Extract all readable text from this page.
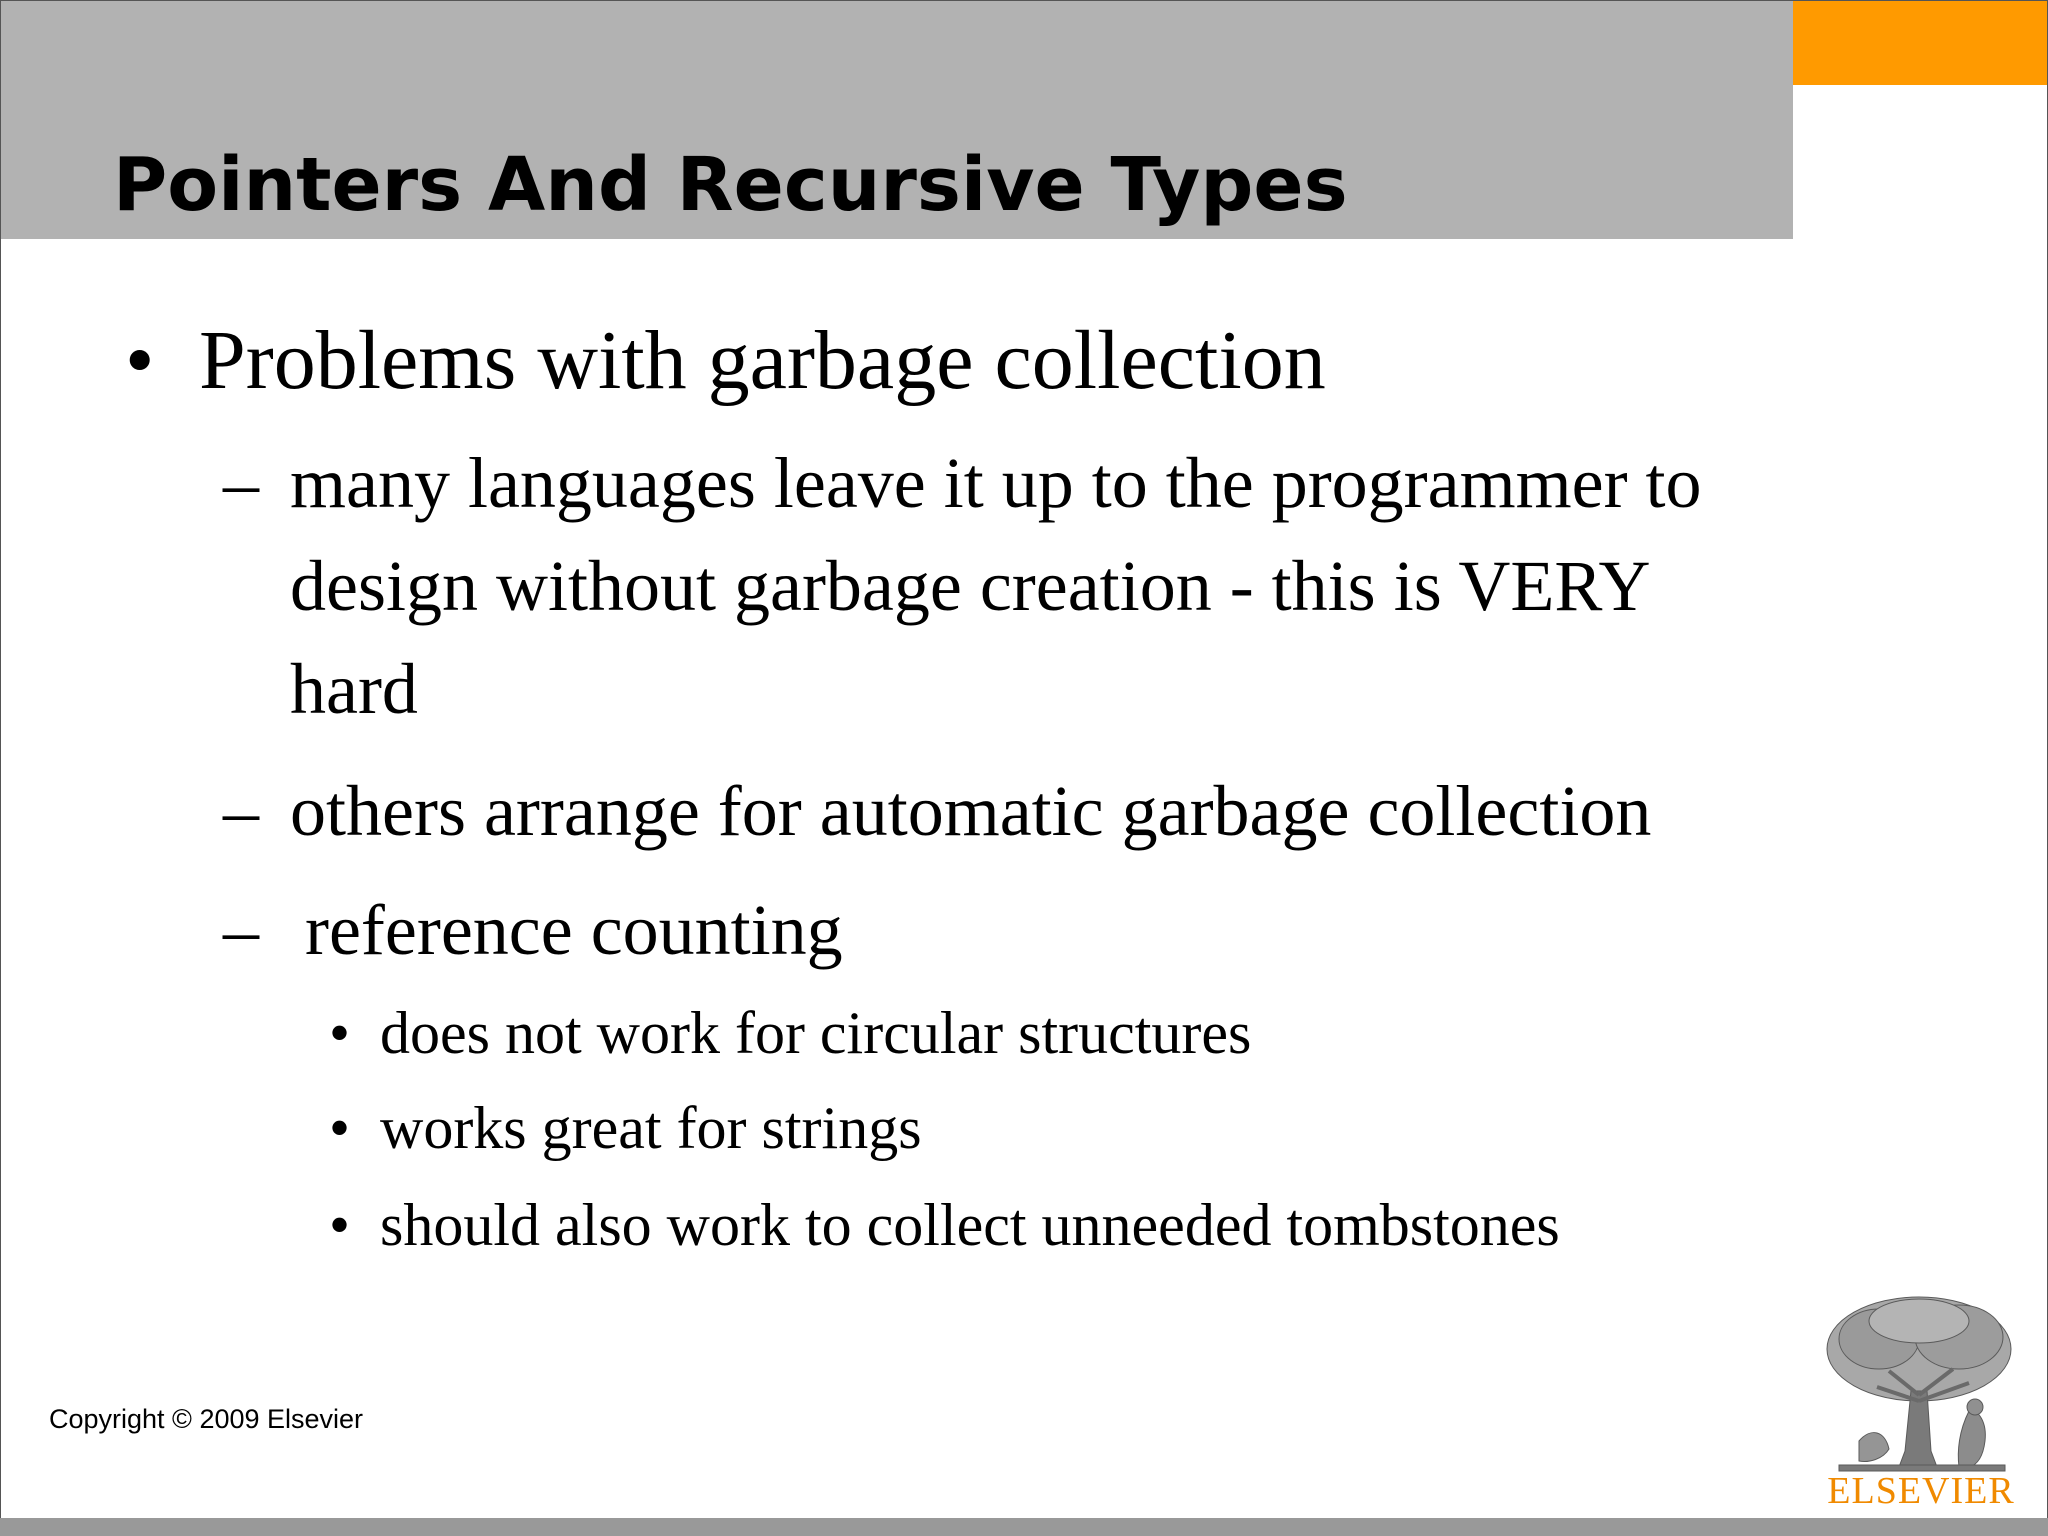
Pointers And Recursive Types
• Problems with garbage collection

– many languages leave it up to the programmer to

design without garbage creation - this is VERY

hard

– others arrange for automatic garbage collection

– reference counting

• does not work for circular structures

• works great for strings

• should also work to collect unneeded tombstones

Copyright © 2009 Elsevier
ELSEVIER
